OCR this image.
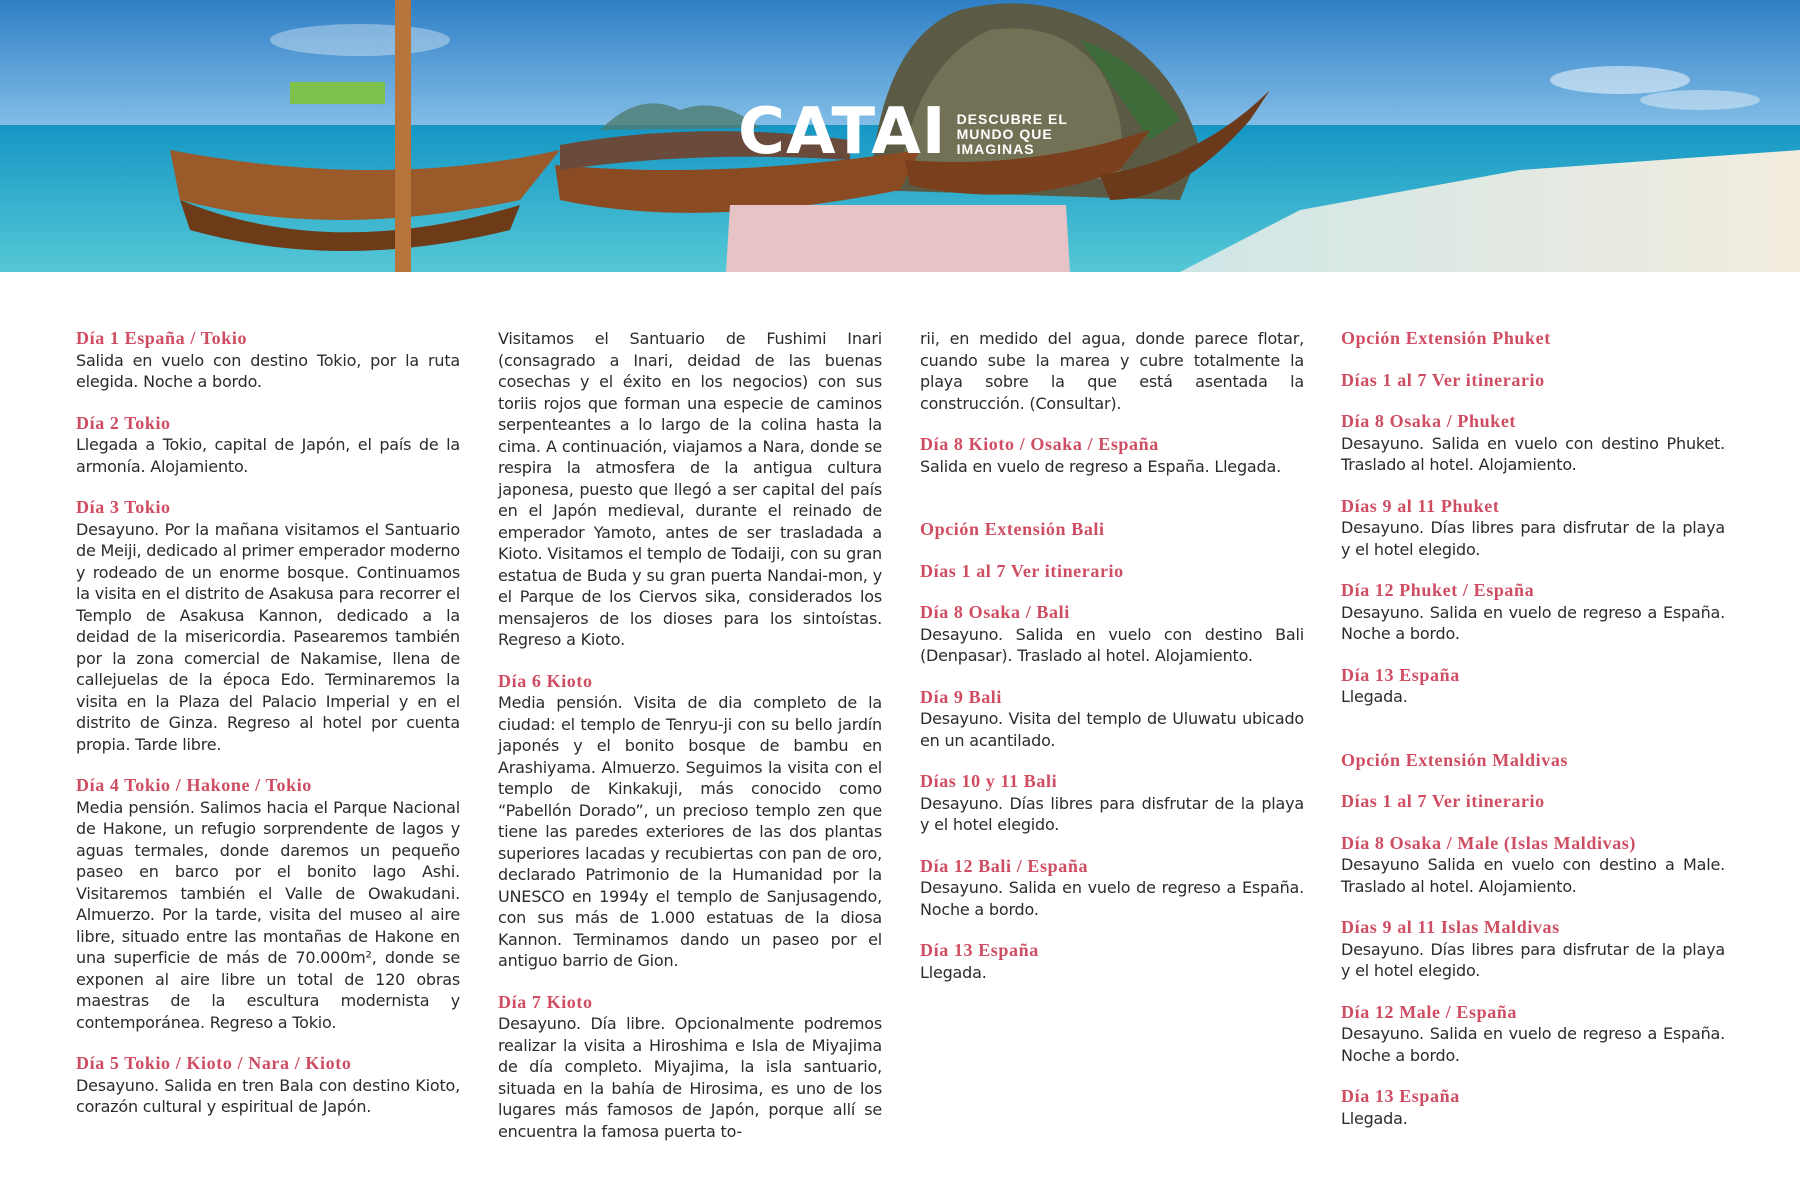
CATAI DESCUBRE EL
MUNDO QUE
IMAGINAS
Día 1 España / Tokio
Salida en vuelo con destino Tokio, por la ruta elegida. Noche a bordo.
Día 2 Tokio
Llegada a Tokio, capital de Japón, el país de la armonía. Alojamiento.
Día 3 Tokio
Desayuno. Por la mañana visitamos el Santuario de Meiji, dedicado al primer emperador moderno y rodeado de un enorme bosque. Continuamos la visita en el distrito de Asakusa para recorrer el Templo de Asakusa Kannon, dedicado a la deidad de la misericordia. Pasearemos también por la zona comercial de Nakamise, llena de callejuelas de la época Edo. Terminaremos la visita en la Plaza del Palacio Imperial y en el distrito de Ginza. Regreso al hotel por cuenta propia. Tarde libre.
Día 4 Tokio / Hakone / Tokio
Media pensión. Salimos hacia el Parque Nacional de Hakone, un refugio sorprendente de lagos y aguas termales, donde daremos un pequeño paseo en barco por el bonito lago Ashi. Visitaremos también el Valle de Owakudani. Almuerzo. Por la tarde, visita del museo al aire libre, situado entre las montañas de Hakone en una superficie de más de 70.000m², donde se exponen al aire libre un total de 120 obras maestras de la escultura modernista y contemporánea. Regreso a Tokio.
Día 5 Tokio / Kioto / Nara / Kioto
Desayuno. Salida en tren Bala con destino Kioto, corazón cultural y espiritual de Japón.
Visitamos el Santuario de Fushimi Inari (consagrado a Inari, deidad de las buenas cosechas y el éxito en los negocios) con sus toriis rojos que forman una especie de caminos serpenteantes a lo largo de la colina hasta la cima. A continuación, viajamos a Nara, donde se respira la atmosfera de la antigua cultura japonesa, puesto que llegó a ser capital del país en el Japón medieval, durante el reinado de emperador Yamoto, antes de ser trasladada a Kioto. Visitamos el templo de Todaiji, con su gran estatua de Buda y su gran puerta Nandai-mon, y el Parque de los Ciervos sika, considerados los mensajeros de los dioses para los sintoístas. Regreso a Kioto.
Día 6 Kioto
Media pensión. Visita de dia completo de la ciudad: el templo de Tenryu-ji con su bello jardín japonés y el bonito bosque de bambu en Arashiyama. Almuerzo. Seguimos la visita con el templo de Kinkakuji, más conocido como “Pabellón Dorado”, un precioso templo zen que tiene las paredes exteriores de las dos plantas superiores lacadas y recubiertas con pan de oro, declarado Patrimonio de la Humanidad por la UNESCO en 1994y el templo de Sanjusagendo, con sus más de 1.000 estatuas de la diosa Kannon. Terminamos dando un paseo por el antiguo barrio de Gion.
Día 7 Kioto
Desayuno. Día libre. Opcionalmente podremos realizar la visita a Hiroshima e Isla de Miyajima de día completo. Miyajima, la isla santuario, situada en la bahía de Hirosima, es uno de los lugares más famosos de Japón, porque allí se encuentra la famosa puerta to-
rii, en medido del agua, donde parece flotar, cuando sube la marea y cubre totalmente la playa sobre la que está asentada la construcción. (Consultar).
Día 8 Kioto / Osaka / España
Salida en vuelo de regreso a España. Llegada.
Opción Extensión Bali
Días 1 al 7 Ver itinerario
Día 8 Osaka / Bali
Desayuno. Salida en vuelo con destino Bali (Denpasar). Traslado al hotel. Alojamiento.
Día 9 Bali
Desayuno. Visita del templo de Uluwatu ubicado en un acantilado.
Días 10 y 11 Bali
Desayuno. Días libres para disfrutar de la playa y el hotel elegido.
Día 12 Bali / España
Desayuno. Salida en vuelo de regreso a España. Noche a bordo.
Día 13 España
Llegada.
Opción Extensión Phuket
Días 1 al 7 Ver itinerario
Día 8 Osaka / Phuket
Desayuno. Salida en vuelo con destino Phuket. Traslado al hotel. Alojamiento.
Días 9 al 11 Phuket
Desayuno. Días libres para disfrutar de la playa y el hotel elegido.
Día 12 Phuket / España
Desayuno. Salida en vuelo de regreso a España. Noche a bordo.
Día 13 España
Llegada.
Opción Extensión Maldivas
Días 1 al 7 Ver itinerario
Día 8 Osaka / Male (Islas Maldivas)
Desayuno Salida en vuelo con destino a Male. Traslado al hotel. Alojamiento.
Días 9 al 11 Islas Maldivas
Desayuno. Días libres para disfrutar de la playa y el hotel elegido.
Día 12 Male / España
Desayuno. Salida en vuelo de regreso a España. Noche a bordo.
Día 13 España
Llegada.
